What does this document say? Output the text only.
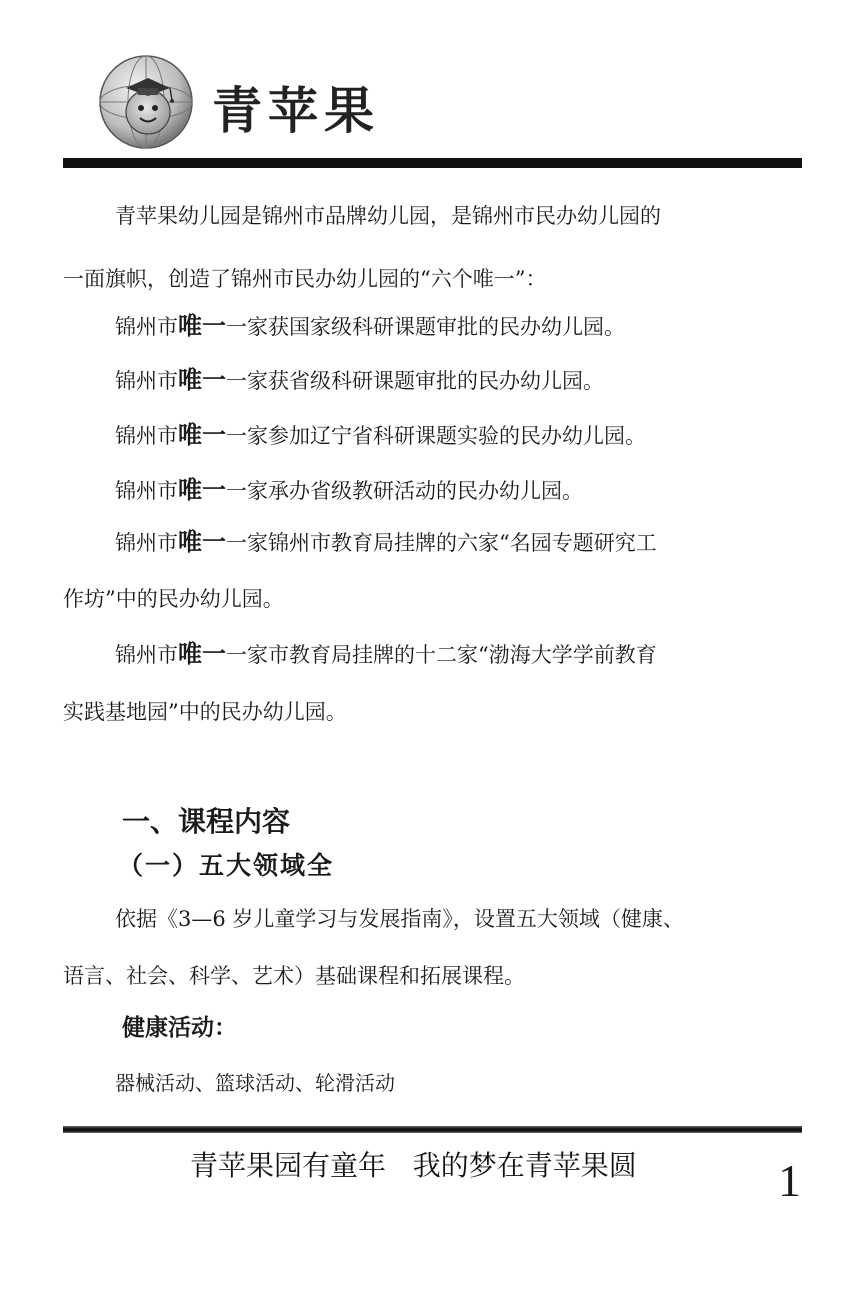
青苹果

青苹果幼儿园是锦州市品牌幼儿园，是锦州市民办幼儿园的

一面旗帜，创造了锦州市民办幼儿园的“六个唯一”：

锦州市唯一一家获国家级科研课题审批的民办幼儿园。

锦州市唯一一家获省级科研课题审批的民办幼儿园。

锦州市唯一一家参加辽宁省科研课题实验的民办幼儿园。

锦州市唯一一家承办省级教研活动的民办幼儿园。

锦州市唯一一家锦州市教育局挂牌的六家“名园专题研究工

作坊”中的民办幼儿园。

锦州市唯一一家市教育局挂牌的十二家“渤海大学学前教育

实践基地园”中的民办幼儿园。

一、课程内容
（一）五大领域全

依据《3—6 岁儿童学习与发展指南》，设置五大领域（健康、

语言、社会、科学、艺术）基础课程和拓展课程。

健康活动：

器械活动、篮球活动、轮滑活动

青苹果园有童年   我的梦在青苹果圆	1
